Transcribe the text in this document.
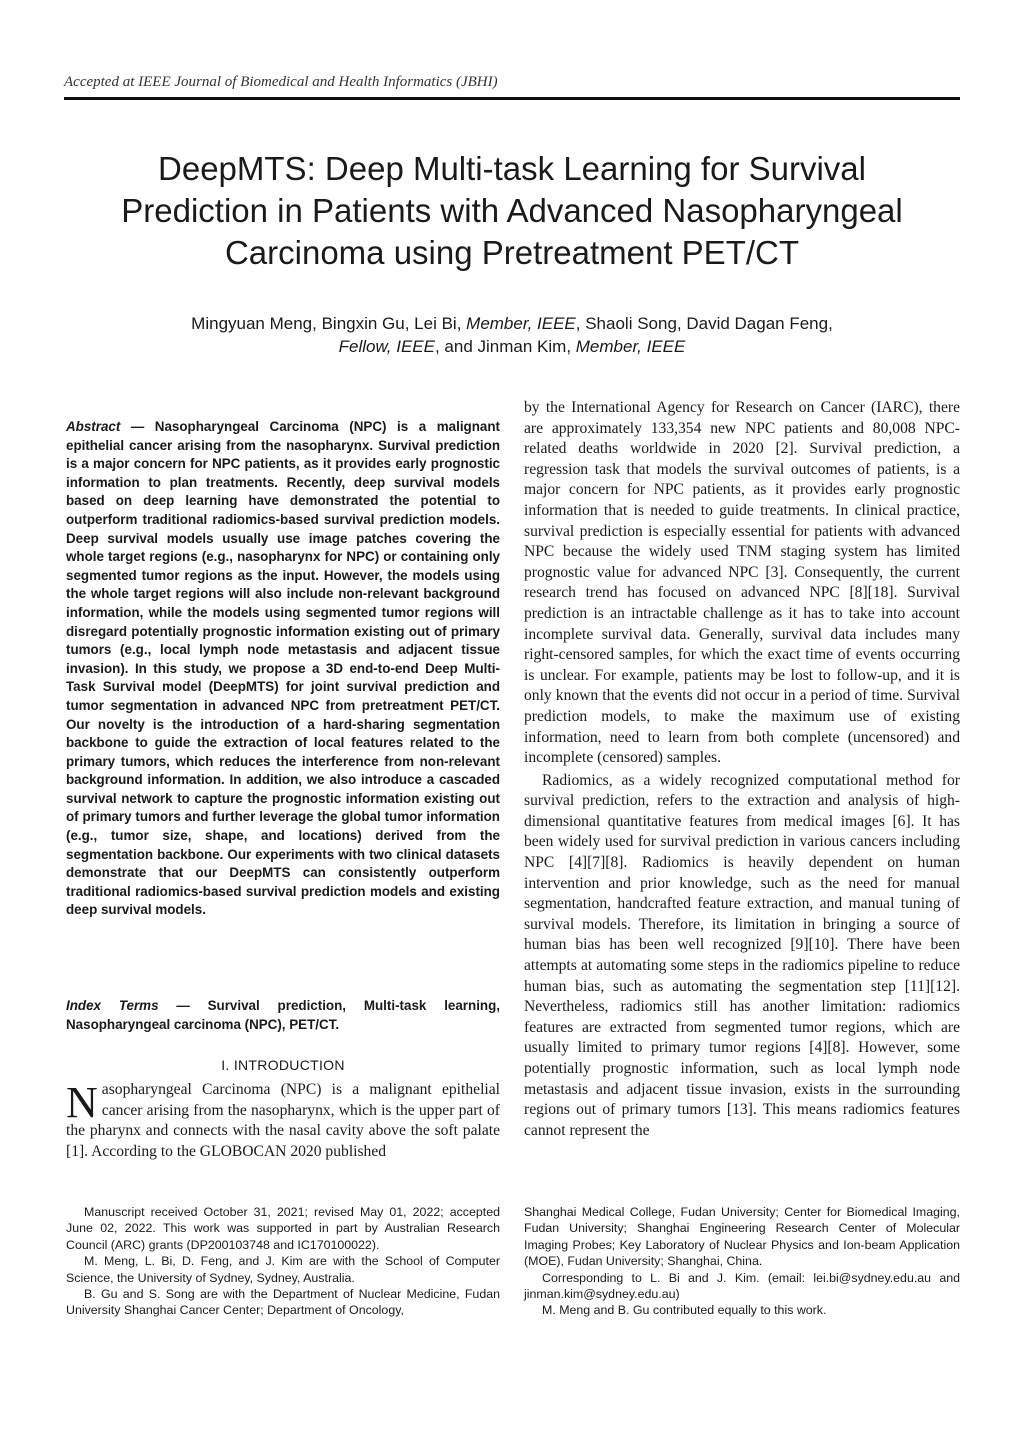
Accepted at IEEE Journal of Biomedical and Health Informatics (JBHI)
DeepMTS: Deep Multi-task Learning for Survival
Prediction in Patients with Advanced Nasopharyngeal
Carcinoma using Pretreatment PET/CT
Mingyuan Meng, Bingxin Gu, Lei Bi, Member, IEEE, Shaoli Song, David Dagan Feng,
Fellow, IEEE, and Jinman Kim, Member, IEEE
Abstract — Nasopharyngeal Carcinoma (NPC) is a malignant epithelial cancer arising from the nasopharynx. Survival prediction is a major concern for NPC patients, as it provides early prognostic information to plan treatments. Recently, deep survival models based on deep learning have demonstrated the potential to outperform traditional radiomics-based survival prediction models. Deep survival models usually use image patches covering the whole target regions (e.g., nasopharynx for NPC) or containing only segmented tumor regions as the input. However, the models using the whole target regions will also include non-relevant background information, while the models using segmented tumor regions will disregard potentially prognostic information existing out of primary tumors (e.g., local lymph node metastasis and adjacent tissue invasion). In this study, we propose a 3D end-to-end Deep Multi-Task Survival model (DeepMTS) for joint survival prediction and tumor segmentation in advanced NPC from pretreatment PET/CT. Our novelty is the introduction of a hard-sharing segmentation backbone to guide the extraction of local features related to the primary tumors, which reduces the interference from non-relevant background information. In addition, we also introduce a cascaded survival network to capture the prognostic information existing out of primary tumors and further leverage the global tumor information (e.g., tumor size, shape, and locations) derived from the segmentation backbone. Our experiments with two clinical datasets demonstrate that our DeepMTS can consistently outperform traditional radiomics-based survival prediction models and existing deep survival models.
Index Terms — Survival prediction, Multi-task learning, Nasopharyngeal carcinoma (NPC), PET/CT.
I. INTRODUCTION
Nasopharyngeal Carcinoma (NPC) is a malignant epithelial cancer arising from the nasopharynx, which is the upper part of the pharynx and connects with the nasal cavity above the soft palate [1]. According to the GLOBOCAN 2020 published

by the International Agency for Research on Cancer (IARC), there are approximately 133,354 new NPC patients and 80,008 NPC-related deaths worldwide in 2020 [2]. Survival prediction, a regression task that models the survival outcomes of patients, is a major concern for NPC patients, as it provides early prognostic information that is needed to guide treatments. In clinical practice, survival prediction is especially essential for patients with advanced NPC because the widely used TNM staging system has limited prognostic value for advanced NPC [3]. Consequently, the current research trend has focused on advanced NPC [8][18]. Survival prediction is an intractable challenge as it has to take into account incomplete survival data. Generally, survival data includes many right-censored samples, for which the exact time of events occurring is unclear. For example, patients may be lost to follow-up, and it is only known that the events did not occur in a period of time. Survival prediction models, to make the maximum use of existing information, need to learn from both complete (uncensored) and incomplete (censored) samples.

Radiomics, as a widely recognized computational method for survival prediction, refers to the extraction and analysis of high-dimensional quantitative features from medical images [6]. It has been widely used for survival prediction in various cancers including NPC [4][7][8]. Radiomics is heavily dependent on human intervention and prior knowledge, such as the need for manual segmentation, handcrafted feature extraction, and manual tuning of survival models. Therefore, its limitation in bringing a source of human bias has been well recognized [9][10]. There have been attempts at automating some steps in the radiomics pipeline to reduce human bias, such as automating the segmentation step [11][12]. Nevertheless, radiomics still has another limitation: radiomics features are extracted from segmented tumor regions, which are usually limited to primary tumor regions [4][8]. However, some potentially prognostic information, such as local lymph node metastasis and adjacent tissue invasion, exists in the surrounding regions out of primary tumors [13]. This means radiomics features cannot represent the

Manuscript received October 31, 2021; revised May 01, 2022; accepted June 02, 2022. This work was supported in part by Australian Research Council (ARC) grants (DP200103748 and IC170100022).

M. Meng, L. Bi, D. Feng, and J. Kim are with the School of Computer Science, the University of Sydney, Sydney, Australia.

B. Gu and S. Song are with the Department of Nuclear Medicine, Fudan University Shanghai Cancer Center; Department of Oncology,

Shanghai Medical College, Fudan University; Center for Biomedical Imaging, Fudan University; Shanghai Engineering Research Center of Molecular Imaging Probes; Key Laboratory of Nuclear Physics and Ion-beam Application (MOE), Fudan University; Shanghai, China.

Corresponding to L. Bi and J. Kim. (email: lei.bi@sydney.edu.au and jinman.kim@sydney.edu.au)

M. Meng and B. Gu contributed equally to this work.
